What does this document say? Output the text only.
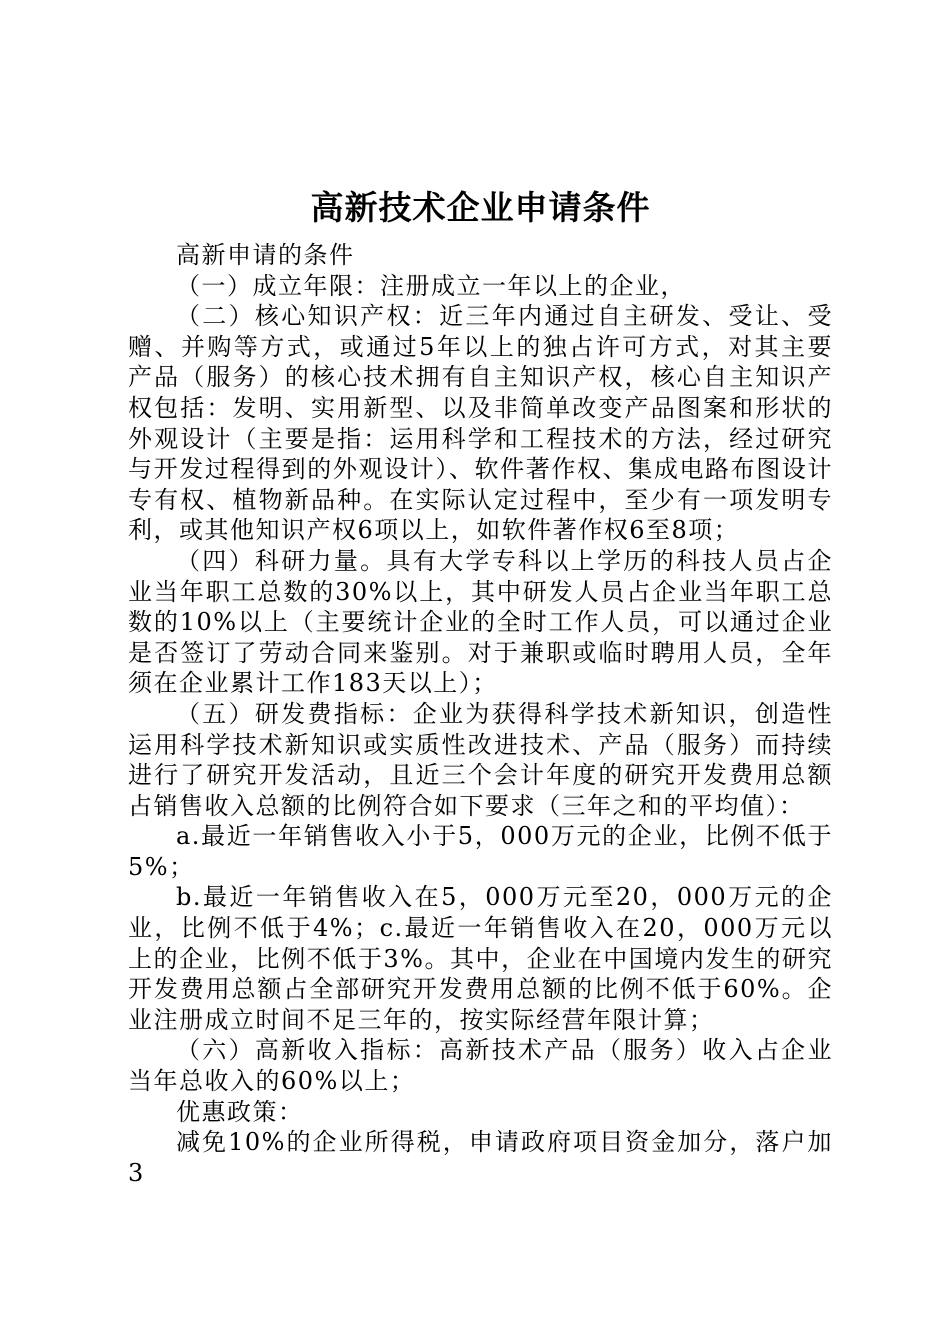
高新技术企业申请条件

高新申请的条件

（一）成立年限：注册成立一年以上的企业，

（二）核心知识产权：近三年内通过自主研发、受让、受赠、并购等方式，或通过5年以上的独占许可方式，对其主要产品（服务）的核心技术拥有自主知识产权，核心自主知识产权包括：发明、实用新型、以及非简单改变产品图案和形状的外观设计（主要是指：运用科学和工程技术的方法，经过研究与开发过程得到的外观设计）、软件著作权、集成电路布图设计专有权、植物新品种。在实际认定过程中，至少有一项发明专利，或其他知识产权6项以上，如软件著作权6至8项；

（四）科研力量。具有大学专科以上学历的科技人员占企业当年职工总数的30%以上，其中研发人员占企业当年职工总数的10%以上（主要统计企业的全时工作人员，可以通过企业是否签订了劳动合同来鉴别。对于兼职或临时聘用人员，全年须在企业累计工作183天以上）；

（五）研发费指标：企业为获得科学技术新知识，创造性运用科学技术新知识或实质性改进技术、产品（服务）而持续进行了研究开发活动，且近三个会计年度的研究开发费用总额占销售收入总额的比例符合如下要求（三年之和的平均值）：

a.最近一年销售收入小于5，000万元的企业，比例不低于5%；

b.最近一年销售收入在5，000万元至20，000万元的企业，比例不低于4%；c.最近一年销售收入在20，000万元以上的企业，比例不低于3%。其中，企业在中国境内发生的研究开发费用总额占全部研究开发费用总额的比例不低于60%。企业注册成立时间不足三年的，按实际经营年限计算；

（六）高新收入指标：高新技术产品（服务）收入占企业当年总收入的60%以上；

优惠政策：

减免10%的企业所得税，申请政府项目资金加分，落户加3
